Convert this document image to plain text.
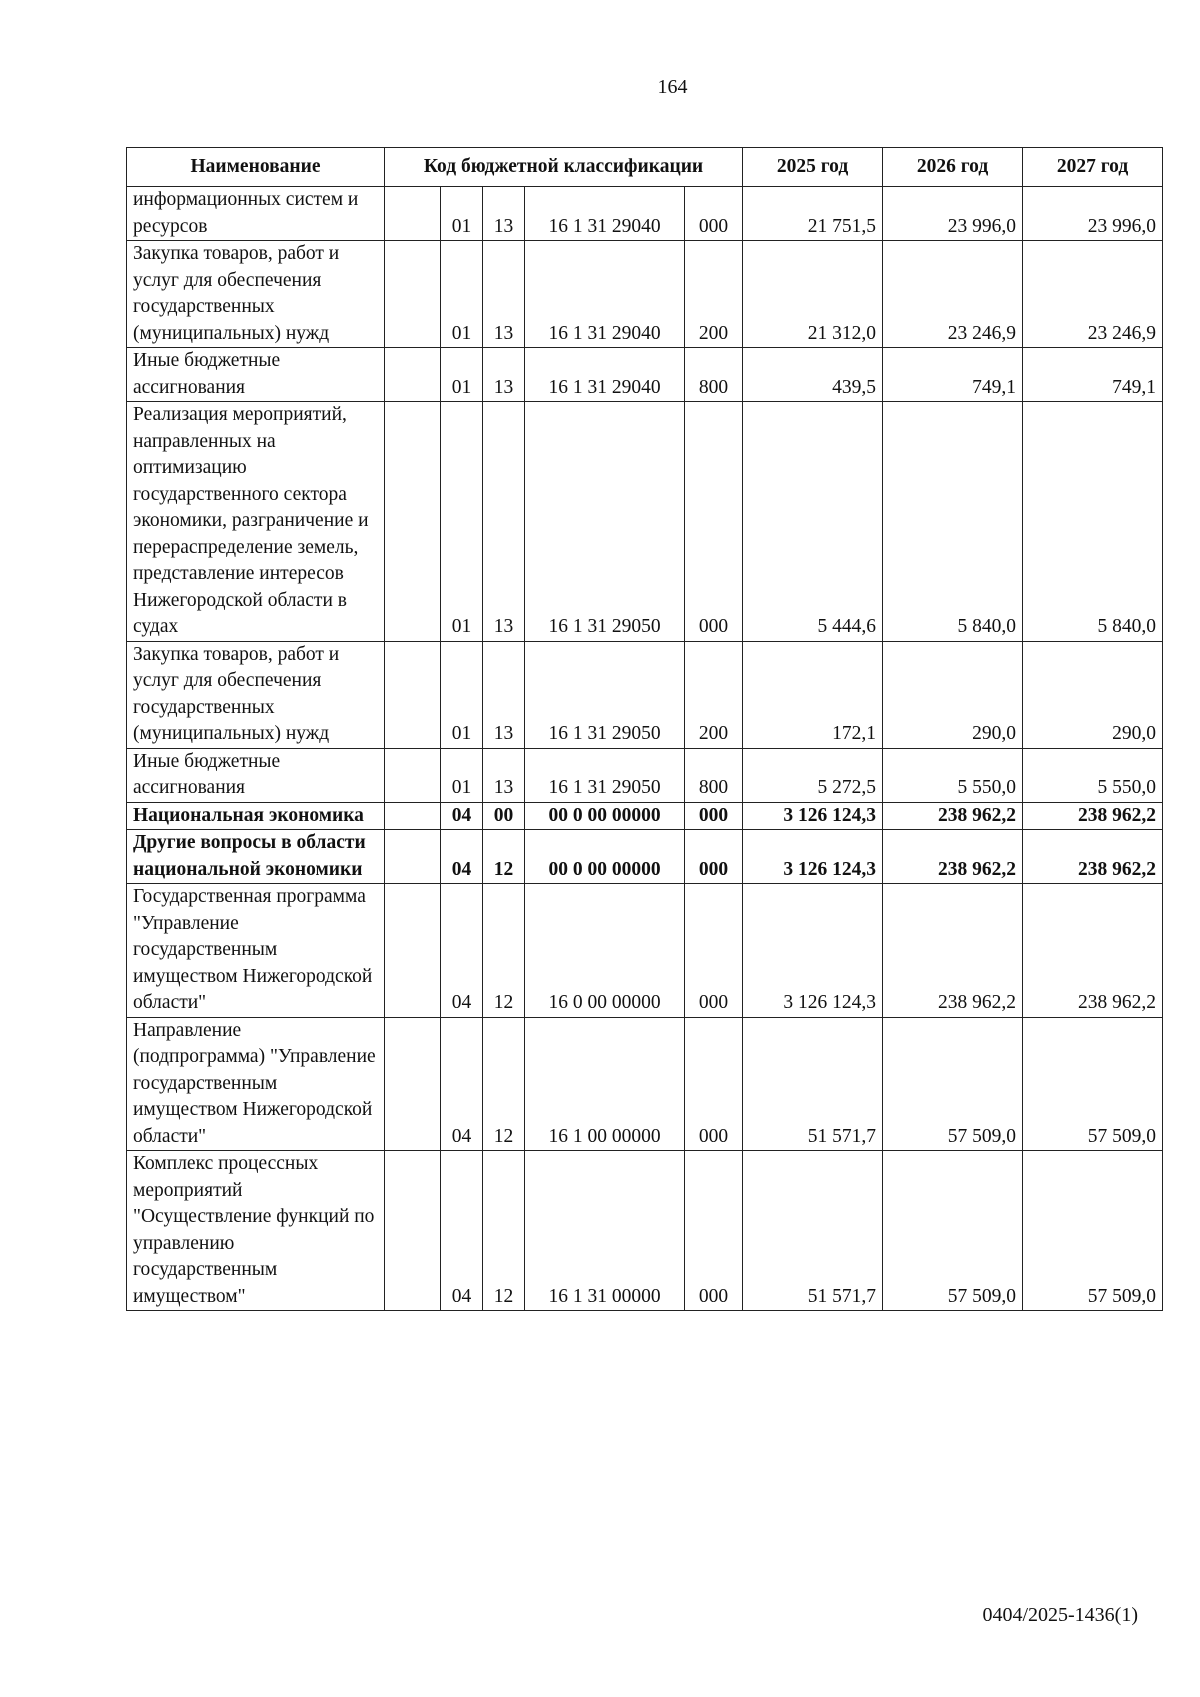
164
Наименование	Код бюджетной классификации					2025 год	2026 год	2027 год
информационных систем и ресурсов		01	13	16 1 31 29040	000	21 751,5	23 996,0	23 996,0
Закупка товаров, работ и услуг для обеспечения государственных (муниципальных) нужд		01	13	16 1 31 29040	200	21 312,0	23 246,9	23 246,9
Иные бюджетные ассигнования		01	13	16 1 31 29040	800	439,5	749,1	749,1
Реализация мероприятий, направленных на оптимизацию государственного сектора экономики, разграничение и перераспределение земель, представление интересов Нижегородской области в судах		01	13	16 1 31 29050	000	5 444,6	5 840,0	5 840,0
Закупка товаров, работ и услуг для обеспечения государственных (муниципальных) нужд		01	13	16 1 31 29050	200	172,1	290,0	290,0
Иные бюджетные ассигнования		01	13	16 1 31 29050	800	5 272,5	5 550,0	5 550,0
Национальная экономика		04	00	00 0 00 00000	000	3 126 124,3	238 962,2	238 962,2
Другие вопросы в области национальной экономики		04	12	00 0 00 00000	000	3 126 124,3	238 962,2	238 962,2
Государственная программа "Управление государственным имуществом Нижегородской области"		04	12	16 0 00 00000	000	3 126 124,3	238 962,2	238 962,2
Направление (подпрограмма) "Управление государственным имуществом Нижегородской области"		04	12	16 1 00 00000	000	51 571,7	57 509,0	57 509,0
Комплекс процессных мероприятий "Осуществление функций по управлению государственным имуществом"		04	12	16 1 31 00000	000	51 571,7	57 509,0	57 509,0
0404/2025-1436(1)
